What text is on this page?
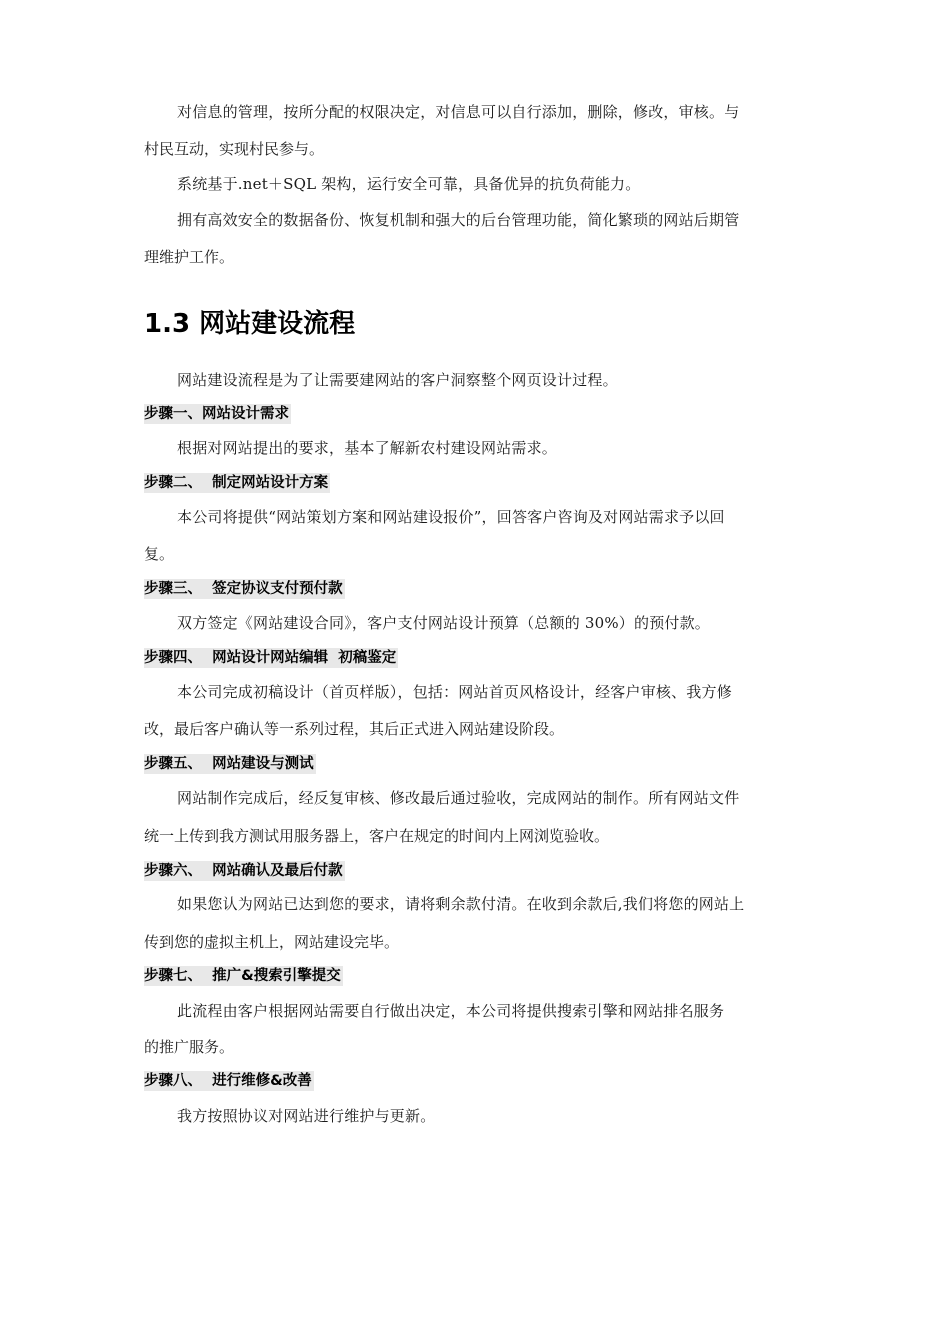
对信息的管理，按所分配的权限决定，对信息可以自行添加，删除，修改，审核。与
村民互动，实现村民参与。
系统基于.net＋SQL 架构，运行安全可靠，具备优异的抗负荷能力。
拥有高效安全的数据备份、恢复机制和强大的后台管理功能，简化繁琐的网站后期管
理维护工作。
1.3 网站建设流程
网站建设流程是为了让需要建网站的客户洞察整个网页设计过程。
步骤一、网站设计需求
根据对网站提出的要求，基本了解新农村建设网站需求。
步骤二、  制定网站设计方案
本公司将提供“网站策划方案和网站建设报价”，回答客户咨询及对网站需求予以回
复。
步骤三、  签定协议支付预付款
双方签定《网站建设合同》，客户支付网站设计预算（总额的 30%）的预付款。
步骤四、  网站设计网站编辑  初稿鉴定
本公司完成初稿设计（首页样版），包括：网站首页风格设计，经客户审核、我方修
改，最后客户确认等一系列过程，其后正式进入网站建设阶段。
步骤五、  网站建设与测试
网站制作完成后，经反复审核、修改最后通过验收，完成网站的制作。所有网站文件
统一上传到我方测试用服务器上，客户在规定的时间内上网浏览验收。
步骤六、  网站确认及最后付款
如果您认为网站已达到您的要求，请将剩余款付清。在收到余款后,我们将您的网站上
传到您的虚拟主机上，网站建设完毕。
步骤七、  推广&搜索引擎提交
此流程由客户根据网站需要自行做出决定，本公司将提供搜索引擎和网站排名服务
的推广服务。
步骤八、  进行维修&改善
我方按照协议对网站进行维护与更新。
